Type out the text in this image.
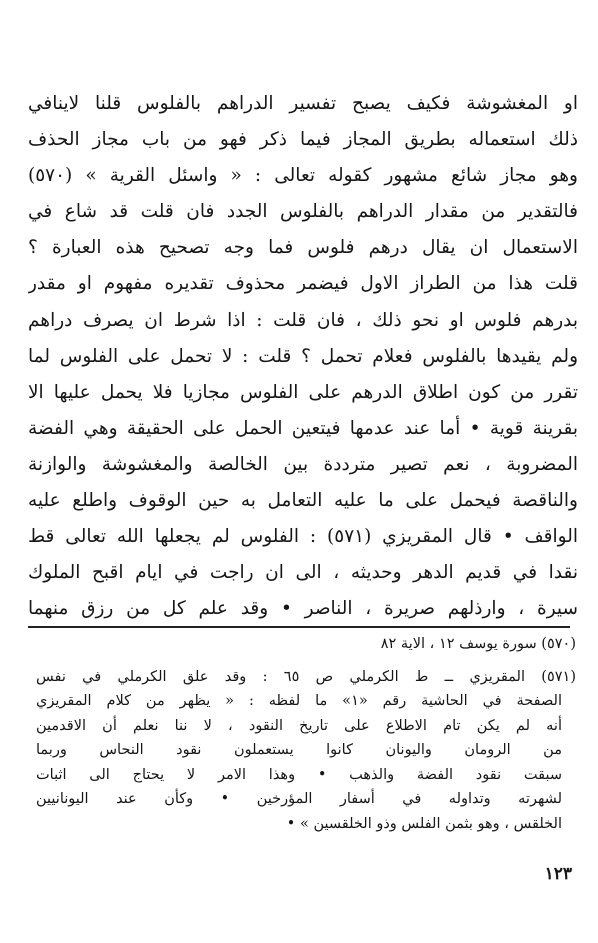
او المغشوشة فكيف يصبح تفسير الدراهم بالفلوس قلنا لاينافي
ذلك استعماله بطريق المجاز فيما ذكر فهو من باب مجاز الحذف
وهو مجاز شائع مشهور كقوله تعالى : « واسئل القرية » (٥٧٠)
فالتقدير من مقدار الدراهم بالفلوس الجدد فان قلت قد شاع في
الاستعمال ان يقال درهم فلوس فما وجه تصحيح هذه العبارة ؟
قلت هذا من الطراز الاول فيضمر محذوف تقديره مفهوم او مقدر
بدرهم فلوس او نحو ذلك ، فان قلت : اذا شرط ان يصرف دراهم
ولم يقيدها بالفلوس فعلام تحمل ؟ قلت : لا تحمل على الفلوس لما
تقرر من كون اطلاق الدرهم على الفلوس مجازيا فلا يحمل عليها الا
بقرينة قوية • أما عند عدمها فيتعين الحمل على الحقيقة وهي الفضة
المضروبة ، نعم تصير مترددة بين الخالصة والمغشوشة والوازنة
والناقصة فيحمل على ما عليه التعامل به حين الوقوف واطلع عليه
الواقف • قال المقريزي (٥٧١) : الفلوس لم يجعلها الله تعالى قط
نقدا في قديم الدهر وحديثه ، الى ان راجت في ايام اقبح الملوك
سيرة ، وارذلهم صريرة ، الناصر • وقد علم كل من رزق منهما
(٥٧٠) سورة يوسف ١٢ ، الاية ٨٢
(٥٧١) المقريزي ــ ط الكرملي ص ٦٥ : وقد علق الكرملي في نفس
الصفحة في الحاشية رقم «١» ما لفظه : « يظهر من كلام المقريزي
أنه لم يكن تام الاطلاع على تاريخ النقود ، لا ننا نعلم أن الاقدمين
من الرومان واليونان كانوا يستعملون نقود النحاس وربما
سبقت نقود الفضة والذهب • وهذا الامر لا يحتاج الى اثبات
لشهرته وتداوله في أسفار المؤرخين • وكأن عند اليونانيين
الخلقس ، وهو بثمن الفلس وذو الخلقسين » •
١٢٣
